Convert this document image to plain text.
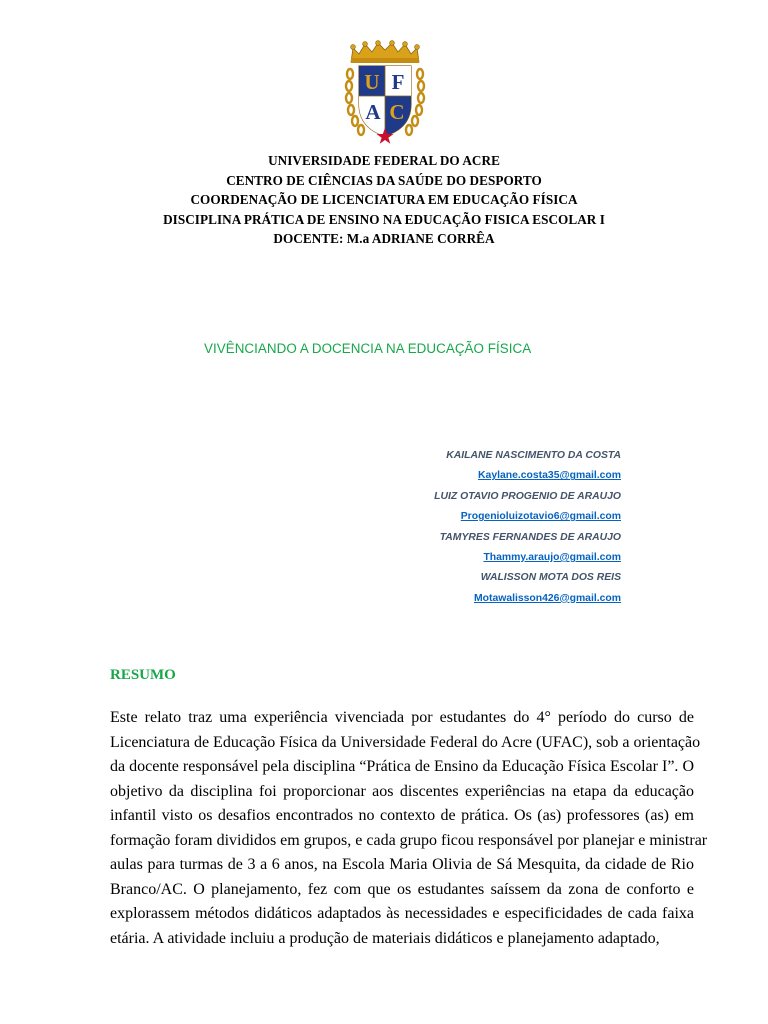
U F
A C
UNIVERSIDADE FEDERAL DO ACRE
CENTRO DE CIÊNCIAS DA SAÚDE DO DESPORTO
COORDENAÇÃO DE LICENCIATURA EM EDUCAÇÃO FÍSICA
DISCIPLINA PRÁTICA DE ENSINO NA EDUCAÇÃO FISICA ESCOLAR I
DOCENTE: M.a ADRIANE CORRÊA
VIVÊNCIANDO A DOCENCIA NA EDUCAÇÃO FÍSICA
KAILANE NASCIMENTO DA COSTA
Kaylane.costa35@gmail.com
LUIZ OTAVIO PROGENIO DE ARAUJO
Progenioluizotavio6@gmail.com
TAMYRES FERNANDES DE ARAUJO
Thammy.araujo@gmail.com
WALISSON MOTA DOS REIS
Motawalisson426@gmail.com
RESUMO
Este relato traz uma experiência vivenciada por estudantes do 4° período do curso de
Licenciatura de Educação Física da Universidade Federal do Acre (UFAC), sob a orientação
da docente responsável pela disciplina “Prática de Ensino da Educação Física Escolar I”. O
objetivo da disciplina foi proporcionar aos discentes experiências na etapa da educação
infantil visto os desafios encontrados no contexto de prática. Os (as) professores (as) em
formação foram divididos em grupos, e cada grupo ficou responsável por planejar e ministrar
aulas para turmas de 3 a 6 anos, na Escola Maria Olivia de Sá Mesquita, da cidade de Rio
Branco/AC. O planejamento, fez com que os estudantes saíssem da zona de conforto e
explorassem métodos didáticos adaptados às necessidades e especificidades de cada faixa
etária. A atividade incluiu a produção de materiais didáticos e planejamento adaptado,
